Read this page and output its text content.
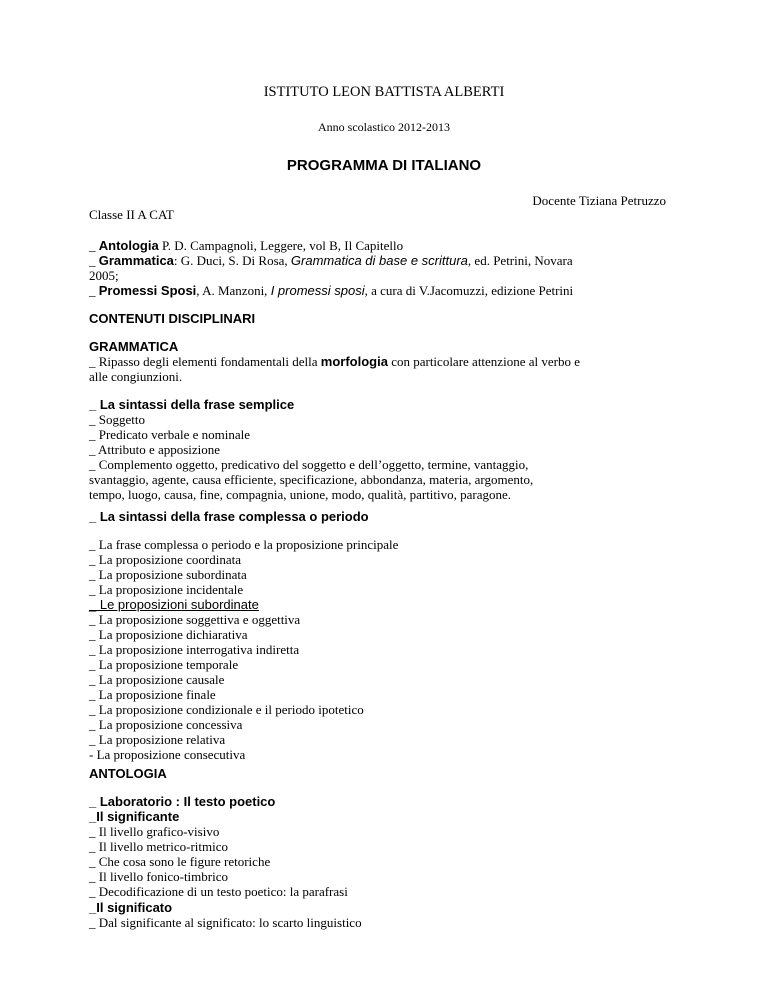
ISTITUTO LEON BATTISTA ALBERTI
Anno scolastico 2012-2013
PROGRAMMA DI ITALIANO
Docente Tiziana Petruzzo
Classe II A CAT
_ Antologia P. D. Campagnoli, Leggere, vol B, Il Capitello
_ Grammatica: G. Duci, S. Di Rosa, Grammatica di base e scrittura, ed. Petrini, Novara
2005;
_ Promessi Sposi, A. Manzoni, I promessi sposi, a cura di V.Jacomuzzi, edizione Petrini
CONTENUTI DISCIPLINARI
GRAMMATICA
_ Ripasso degli elementi fondamentali della morfologia con particolare attenzione al verbo e
alle congiunzioni.
_ La sintassi della frase semplice
_ Soggetto
_ Predicato verbale e nominale
_ Attributo e apposizione
_ Complemento oggetto, predicativo del soggetto e dell’oggetto, termine, vantaggio,
svantaggio, agente, causa efficiente, specificazione, abbondanza, materia, argomento,
tempo, luogo, causa, fine, compagnia, unione, modo, qualità, partitivo, paragone.
_ La sintassi della frase complessa o periodo
_ La frase complessa o periodo e la proposizione principale
_ La proposizione coordinata
_ La proposizione subordinata
_ La proposizione incidentale
_ Le proposizioni subordinate
_ La proposizione soggettiva e oggettiva
_ La proposizione dichiarativa
_ La proposizione interrogativa indiretta
_ La proposizione temporale
_ La proposizione causale
_ La proposizione finale
_ La proposizione condizionale e il periodo ipotetico
_ La proposizione concessiva
_ La proposizione relativa
- La proposizione consecutiva
ANTOLOGIA
_ Laboratorio : Il testo poetico
_Il significante
_ Il livello grafico-visivo
_ Il livello metrico-ritmico
_ Che cosa sono le figure retoriche
_ Il livello fonico-timbrico
_ Decodificazione di un testo poetico: la parafrasi
_Il significato
_ Dal significante al significato: lo scarto linguistico
